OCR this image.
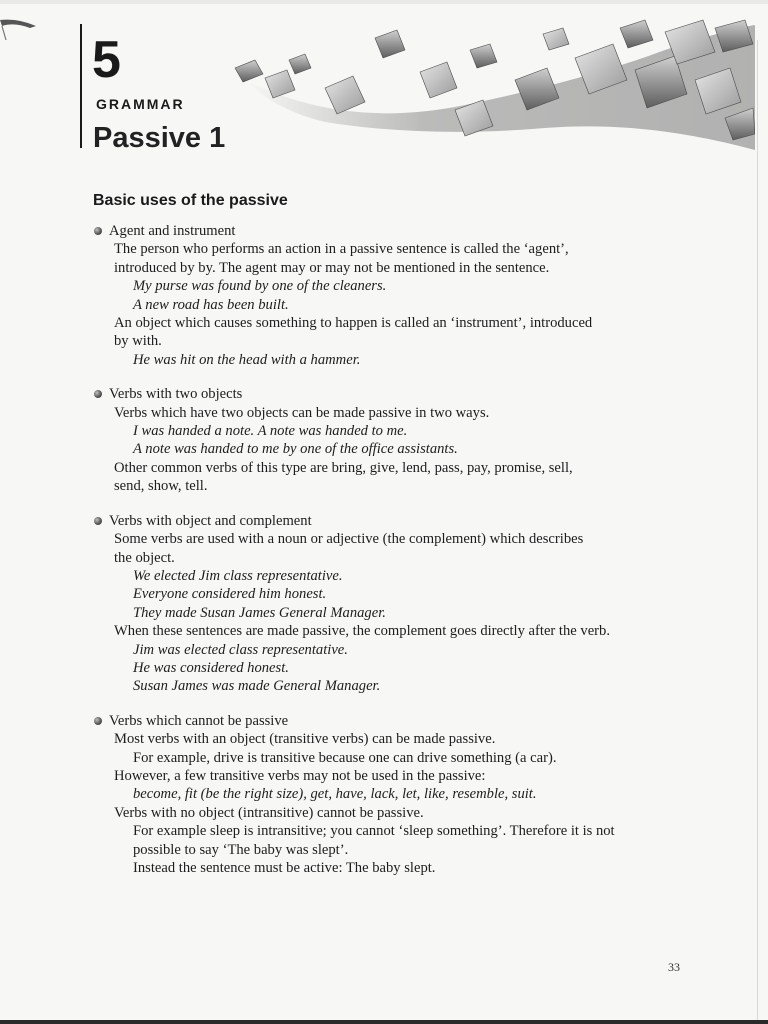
5
GRAMMAR
Passive 1
Basic uses of the passive
Agent and instrument
The person who performs an action in a passive sentence is called the ‘agent’,
introduced by by. The agent may or may not be mentioned in the sentence.
My purse was found by one of the cleaners.
A new road has been built.
An object which causes something to happen is called an ‘instrument’, introduced
by with.
He was hit on the head with a hammer.
Verbs with two objects
Verbs which have two objects can be made passive in two ways.
I was handed a note. A note was handed to me.
A note was handed to me by one of the office assistants.
Other common verbs of this type are bring, give, lend, pass, pay, promise, sell,
send, show, tell.
Verbs with object and complement
Some verbs are used with a noun or adjective (the complement) which describes
the object.
We elected Jim class representative.
Everyone considered him honest.
They made Susan James General Manager.
When these sentences are made passive, the complement goes directly after the verb.
Jim was elected class representative.
He was considered honest.
Susan James was made General Manager.
Verbs which cannot be passive
Most verbs with an object (transitive verbs) can be made passive.
For example, drive is transitive because one can drive something (a car).
However, a few transitive verbs may not be used in the passive:
become, fit (be the right size), get, have, lack, let, like, resemble, suit.
Verbs with no object (intransitive) cannot be passive.
For example sleep is intransitive; you cannot ‘sleep something’. Therefore it is not
possible to say ‘The baby was slept’.
Instead the sentence must be active: The baby slept.
33
